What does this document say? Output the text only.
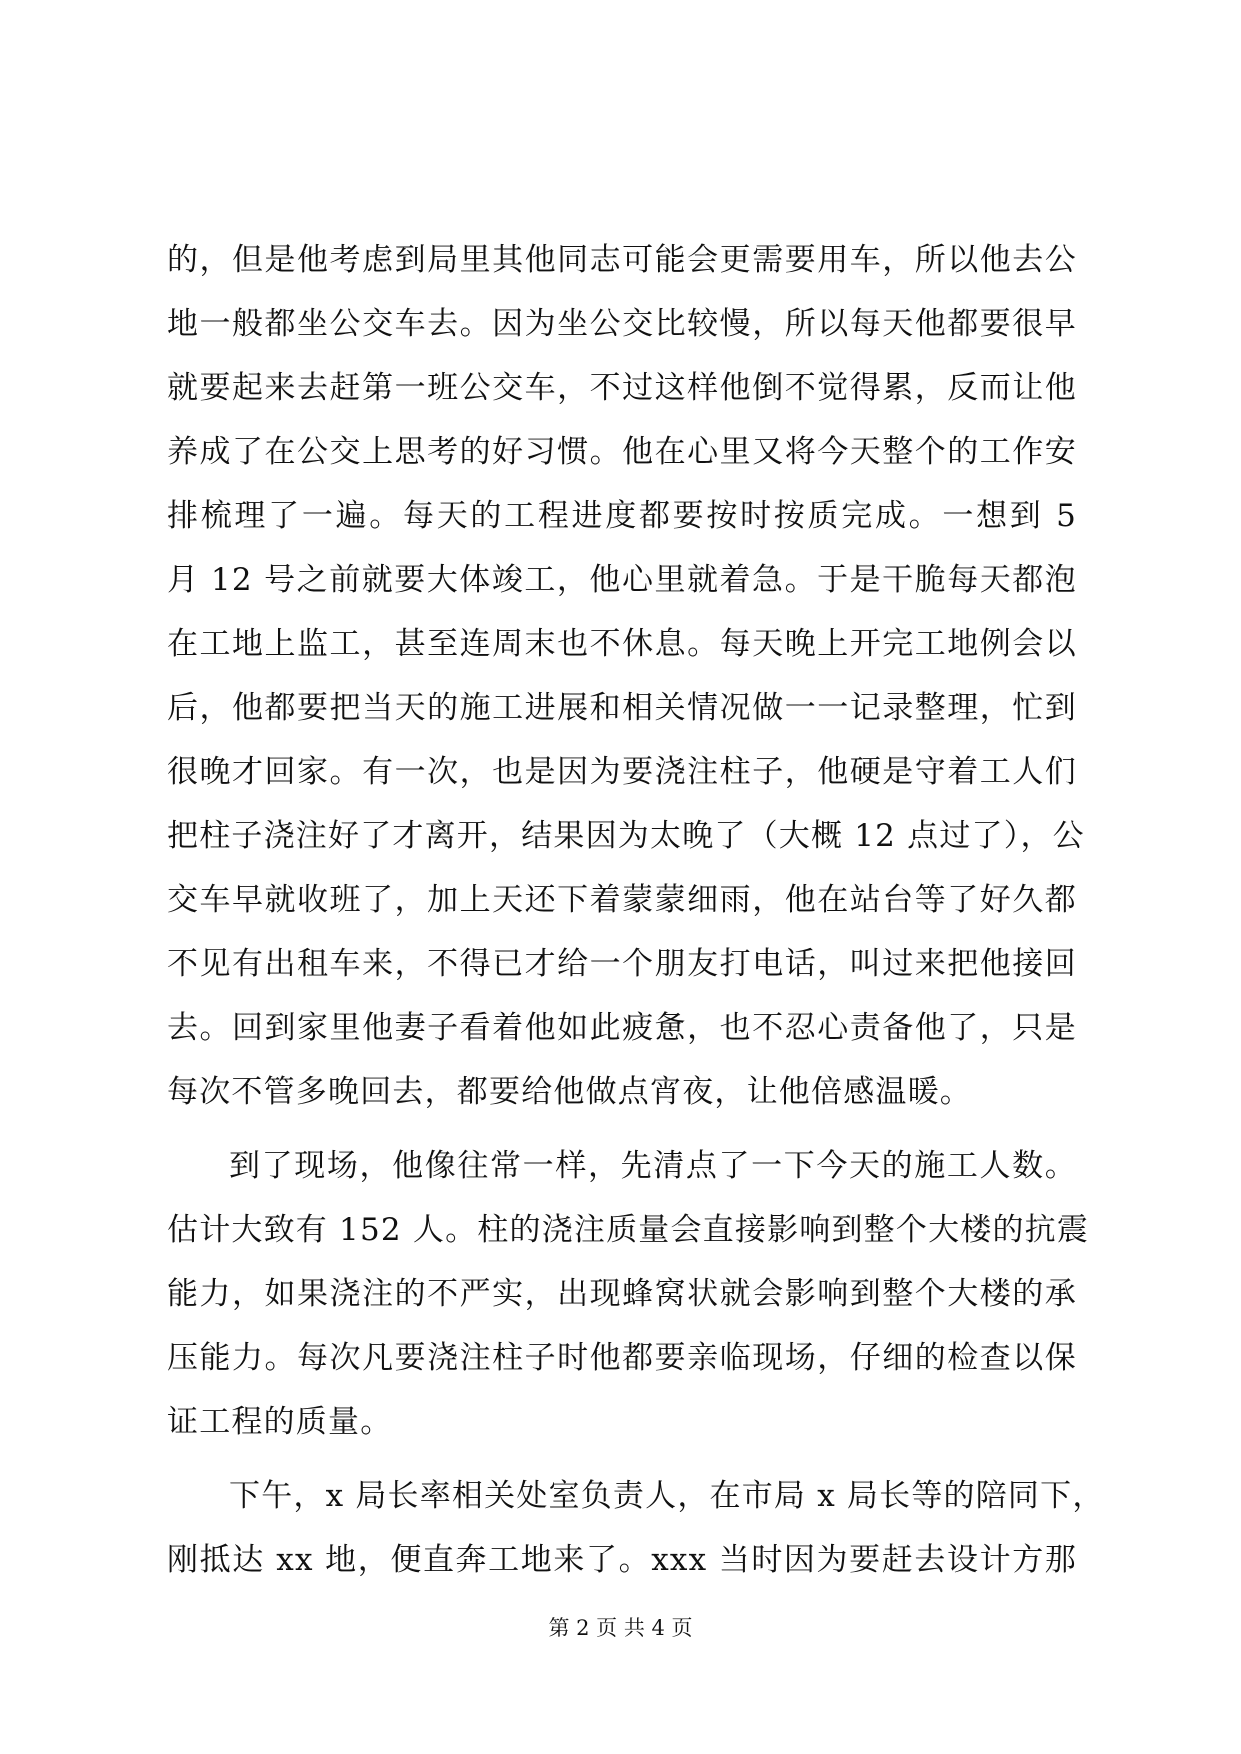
的，但是他考虑到局里其他同志可能会更需要用车，所以他去公
地一般都坐公交车去。因为坐公交比较慢，所以每天他都要很早
就要起来去赶第一班公交车，不过这样他倒不觉得累，反而让他
养成了在公交上思考的好习惯。他在心里又将今天整个的工作安
排梳理了一遍。每天的工程进度都要按时按质完成。一想到 5
月 12 号之前就要大体竣工，他心里就着急。于是干脆每天都泡
在工地上监工，甚至连周末也不休息。每天晚上开完工地例会以
后，他都要把当天的施工进展和相关情况做一一记录整理，忙到
很晚才回家。有一次，也是因为要浇注柱子，他硬是守着工人们
把柱子浇注好了才离开，结果因为太晚了（大概 12 点过了），公
交车早就收班了，加上天还下着蒙蒙细雨，他在站台等了好久都
不见有出租车来，不得已才给一个朋友打电话，叫过来把他接回
去。回到家里他妻子看着他如此疲惫，也不忍心责备他了，只是
每次不管多晚回去，都要给他做点宵夜，让他倍感温暖。
到了现场，他像往常一样，先清点了一下今天的施工人数。
估计大致有 152 人。柱的浇注质量会直接影响到整个大楼的抗震
能力，如果浇注的不严实，出现蜂窝状就会影响到整个大楼的承
压能力。每次凡要浇注柱子时他都要亲临现场，仔细的检查以保
证工程的质量。
下午，x 局长率相关处室负责人，在市局 x 局长等的陪同下，
刚抵达 xx 地，便直奔工地来了。xxx 当时因为要赶去设计方那
第 2 页 共 4 页
